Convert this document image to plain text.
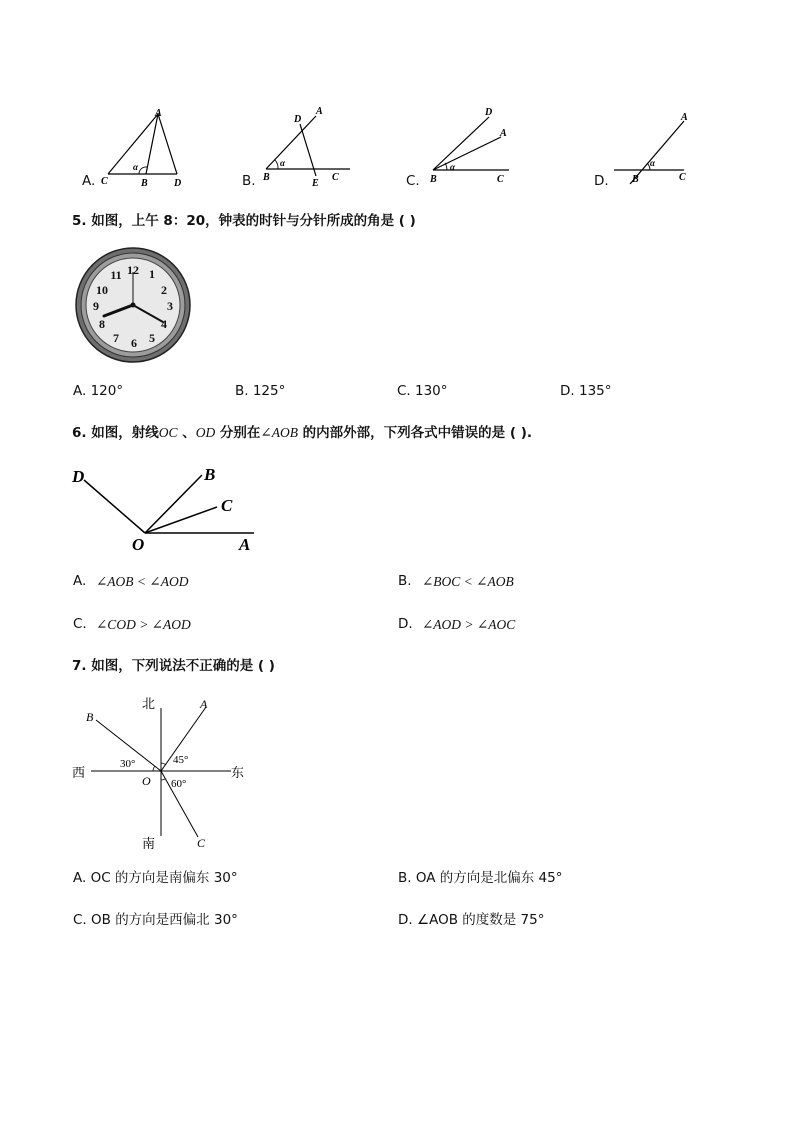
A.
A
C	B	D
α
B.
D
A
B
E
C
α
C.
D
A
B	C
α
D.
A
B	C
α
5. 如图，上午 8：20，钟表的时针与分针所成的角是 ( )
12 1
2
3
4
5
6
7
8
9
10
11
A. 120°	B. 125°	C. 130°	D. 135°
6. 如图，射线OC 、OD 分别在∠AOB 的内部外部，下列各式中错误的是 ( ).
D	B
C
O	A
A. ∠AOB < ∠AOD	B. ∠BOC < ∠AOB
C. ∠COD > ∠AOD	D. ∠AOD > ∠AOC
7. 如图，下列说法不正确的是 ( )
北
南
西	东
A
B
C
O
30°	45°
60°
A. OC 的方向是南偏东 30°	B. OA 的方向是北偏东 45°
C. OB 的方向是西偏北 30°	D. ∠AOB 的度数是 75°
